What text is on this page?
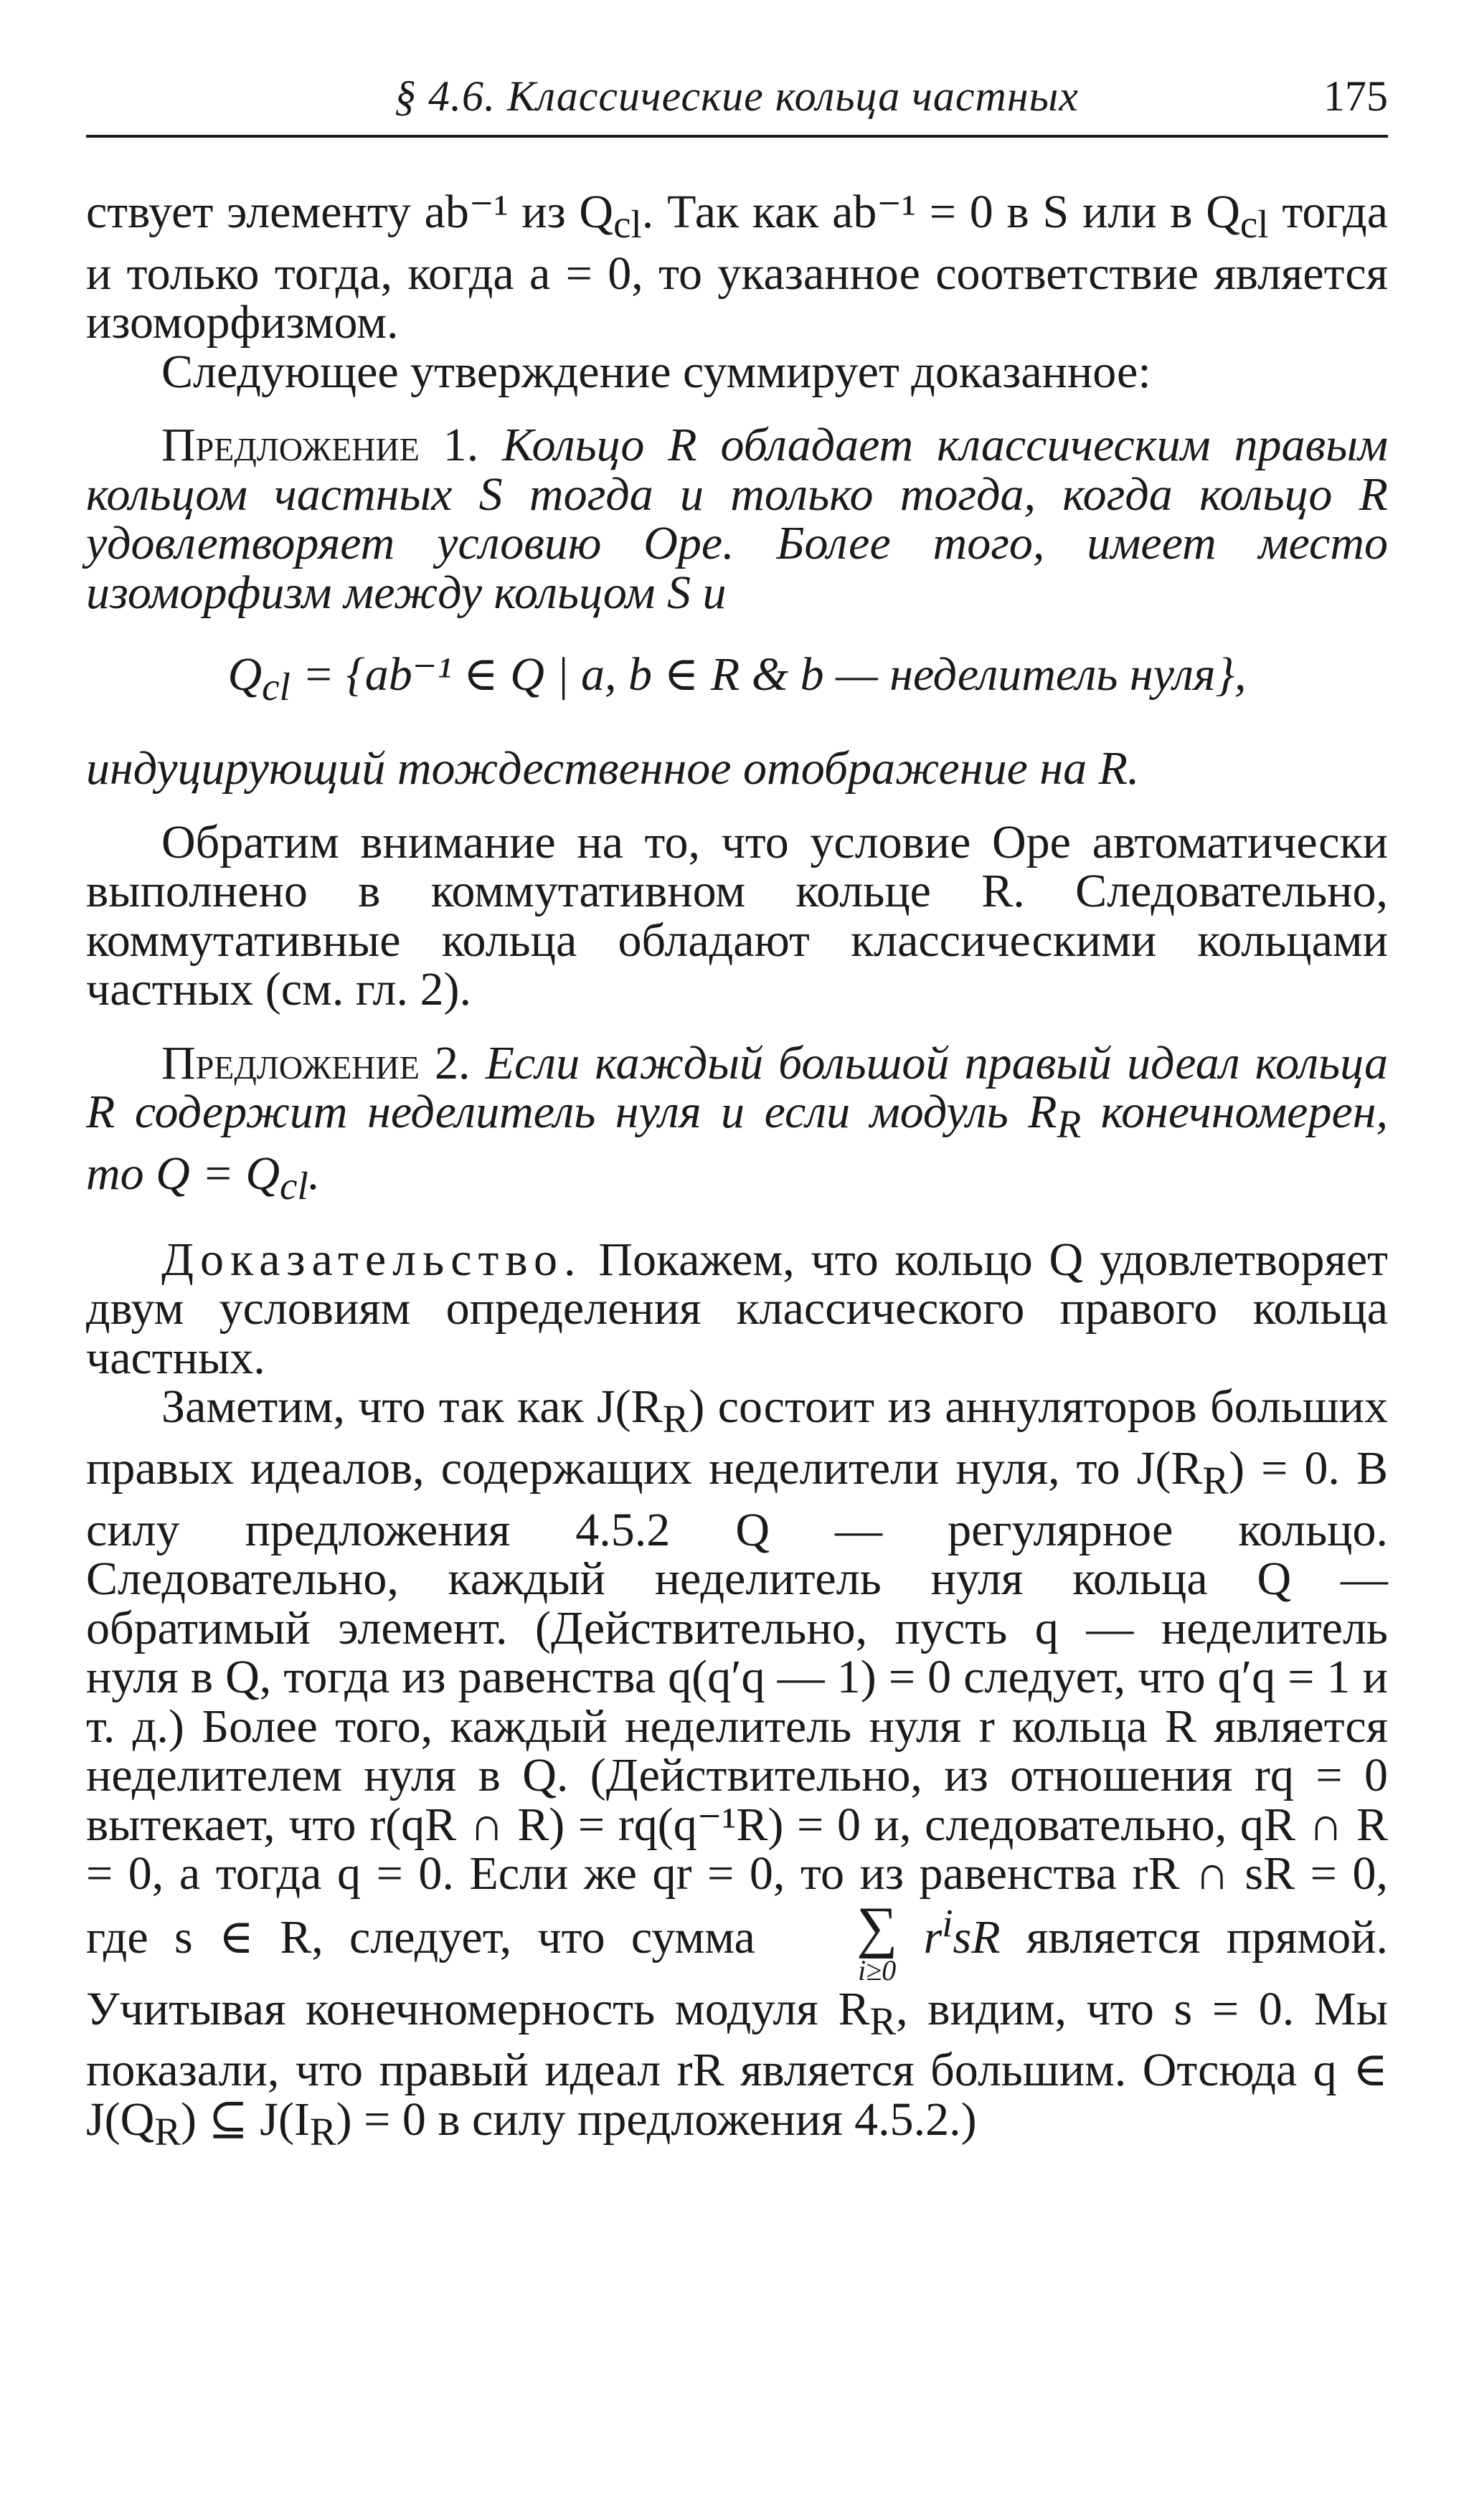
§ 4.6. Классические кольца частных	175

ствует элементу ab⁻¹ из $Q_{cl}$. Так как ab⁻¹ = 0 в S или в $Q_{cl}$ тогда и только тогда, когда a = 0, то указанное соответствие является изоморфизмом.

Следующее утверждение суммирует доказанное:

Предложение 1. Кольцо R обладает классическим правым кольцом частных S тогда и только тогда, когда кольцо R удовлетворяет условию Оре. Более того, имеет место изоморфизм между кольцом S и

$Q_{cl} = \{ab^{-1}$ ∈ Q | a, b ∈ R & b — неделитель нуля},

индуцирующий тождественное отображение на R.

Обратим внимание на то, что условие Оре автоматически выполнено в коммутативном кольце R. Следовательно, коммутативные кольца обладают классическими кольцами частных (см. гл. 2).

Предложение 2. Если каждый большой правый идеал кольца R содержит неделитель нуля и если модуль $R_R$ конечномерен, то $Q = Q_{cl}$.

Доказательство. Покажем, что кольцо Q удовлетворяет двум условиям определения классического правого кольца частных.

Заметим, что так как $J(R_R)$ состоит из аннуляторов больших правых идеалов, содержащих неделители нуля, то $J(R_R) = 0$. В силу предложения 4.5.2 Q — регулярное кольцо. Следовательно, каждый неделитель нуля кольца Q — обратимый элемент. (Действительно, пусть q — неделитель нуля в Q, тогда из равенства q(q′q — 1) = 0 следует, что q′q = 1 и т. д.) Более того, каждый неделитель нуля r кольца R является неделителем нуля в Q. (Действительно, из отношения rq = 0 вытекает, что r(qR ∩ R) = rq(q⁻¹R) = 0 и, следовательно, qR ∩ R = 0, а тогда q = 0. Если же qr = 0, то из равенства rR ∩ sR = 0, где s ∈ R, следует, что сумма	∑
i≥0
$r^isR$ является прямой. Учитывая конечномерность модуля $R_R$, видим, что s = 0. Мы показали, что правый идеал rR является большим. Отсюда q ∈ $J(Q_R)$ ⊆ $J(I_R) = 0$ в силу предложения 4.5.2.)
